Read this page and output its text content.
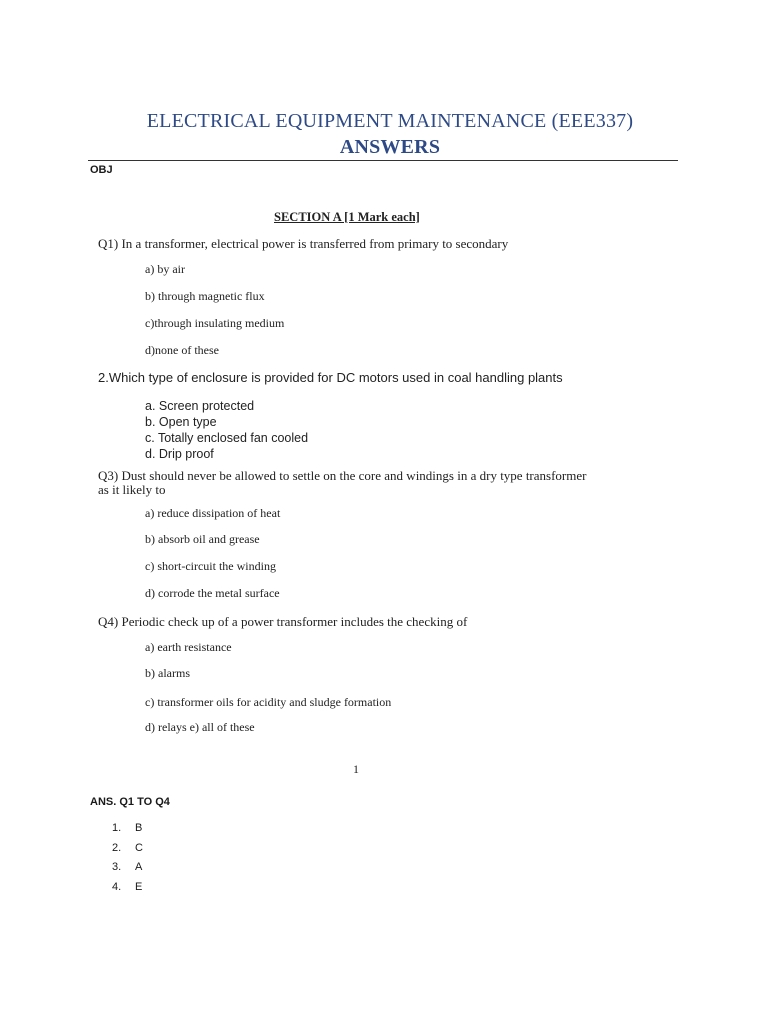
ELECTRICAL EQUIPMENT MAINTENANCE (EEE337)
ANSWERS
OBJ
SECTION A [1 Mark each]
Q1) In a transformer, electrical power is transferred from primary to secondary
a) by air
b) through magnetic flux
c)through insulating medium
d)none of these
2.Which type of enclosure is provided for DC motors used in coal handling plants
a. Screen protected
b. Open type
c. Totally enclosed fan cooled
d. Drip proof
Q3) Dust should never be allowed to settle on the core and windings in a dry type transformer
as it likely to
a) reduce dissipation of heat
b) absorb oil and grease
c) short-circuit the winding
d) corrode the metal surface
Q4) Periodic check up of a power transformer includes the checking of
a) earth resistance
b) alarms
c) transformer oils for acidity and sludge formation
d) relays e) all of these
1
ANS. Q1 TO Q4
1. B
2. C
3. A
4. E
